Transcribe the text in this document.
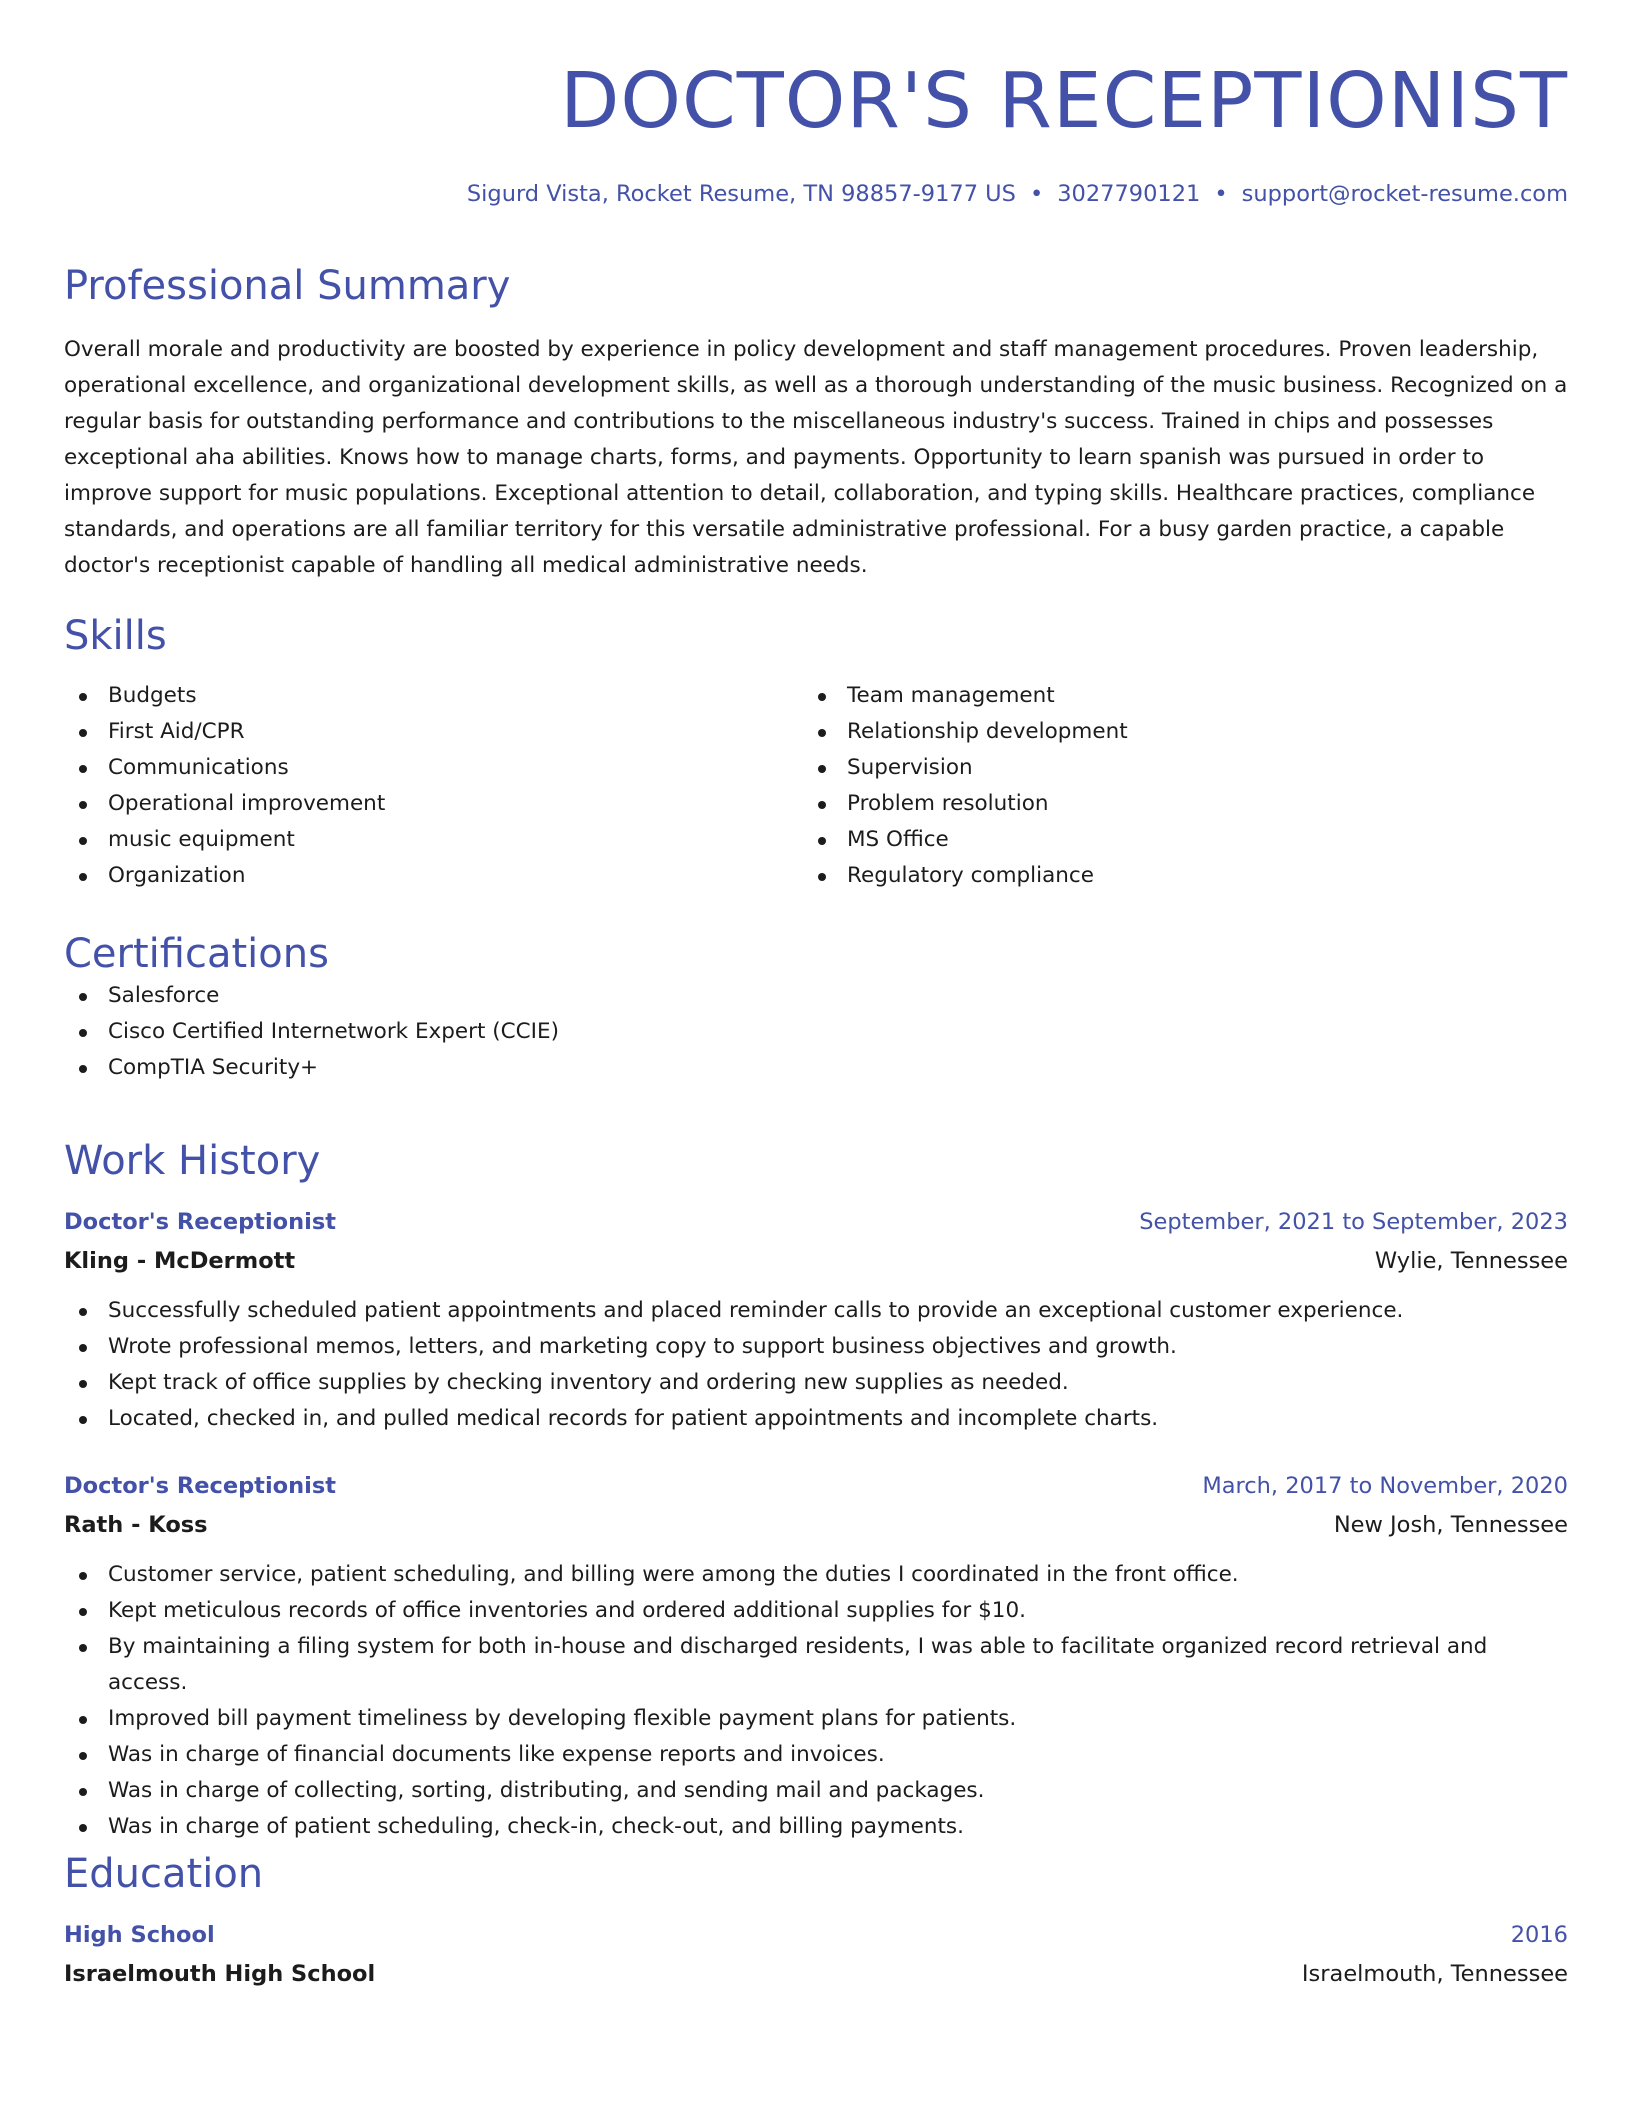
DOCTOR'S RECEPTIONIST
Sigurd Vista, Rocket Resume, TN 98857-9177 US • 3027790121 • support@rocket-resume.com
Professional Summary

Overall morale and productivity are boosted by experience in policy development and staff management procedures. Proven leadership, operational excellence, and organizational development skills, as well as a thorough understanding of the music business. Recognized on a regular basis for outstanding performance and contributions to the miscellaneous industry's success. Trained in chips and possesses exceptional aha abilities. Knows how to manage charts, forms, and payments. Opportunity to learn spanish was pursued in order to improve support for music populations. Exceptional attention to detail, collaboration, and typing skills. Healthcare practices, compliance standards, and operations are all familiar territory for this versatile administrative professional. For a busy garden practice, a capable doctor's receptionist capable of handling all medical administrative needs.

Skills
Budgets
First Aid/CPR
Communications
Operational improvement
music equipment
Organization
Team management
Relationship development
Supervision
Problem resolution
MS Office
Regulatory compliance
Certifications
Salesforce
Cisco Certified Internetwork Expert (CCIE)
CompTIA Security+
Work History
Doctor's Receptionist	September, 2021 to September, 2023
Kling - McDermott	Wylie, Tennessee
Successfully scheduled patient appointments and placed reminder calls to provide an exceptional customer experience.
Wrote professional memos, letters, and marketing copy to support business objectives and growth.
Kept track of office supplies by checking inventory and ordering new supplies as needed.
Located, checked in, and pulled medical records for patient appointments and incomplete charts.
Doctor's Receptionist	March, 2017 to November, 2020
Rath - Koss	New Josh, Tennessee
Customer service, patient scheduling, and billing were among the duties I coordinated in the front office.
Kept meticulous records of office inventories and ordered additional supplies for $10.
By maintaining a filing system for both in-house and discharged residents, I was able to facilitate organized record retrieval and access.
Improved bill payment timeliness by developing flexible payment plans for patients.
Was in charge of financial documents like expense reports and invoices.
Was in charge of collecting, sorting, distributing, and sending mail and packages.
Was in charge of patient scheduling, check-in, check-out, and billing payments.
Education
High School	2016
Israelmouth High School	Israelmouth, Tennessee
